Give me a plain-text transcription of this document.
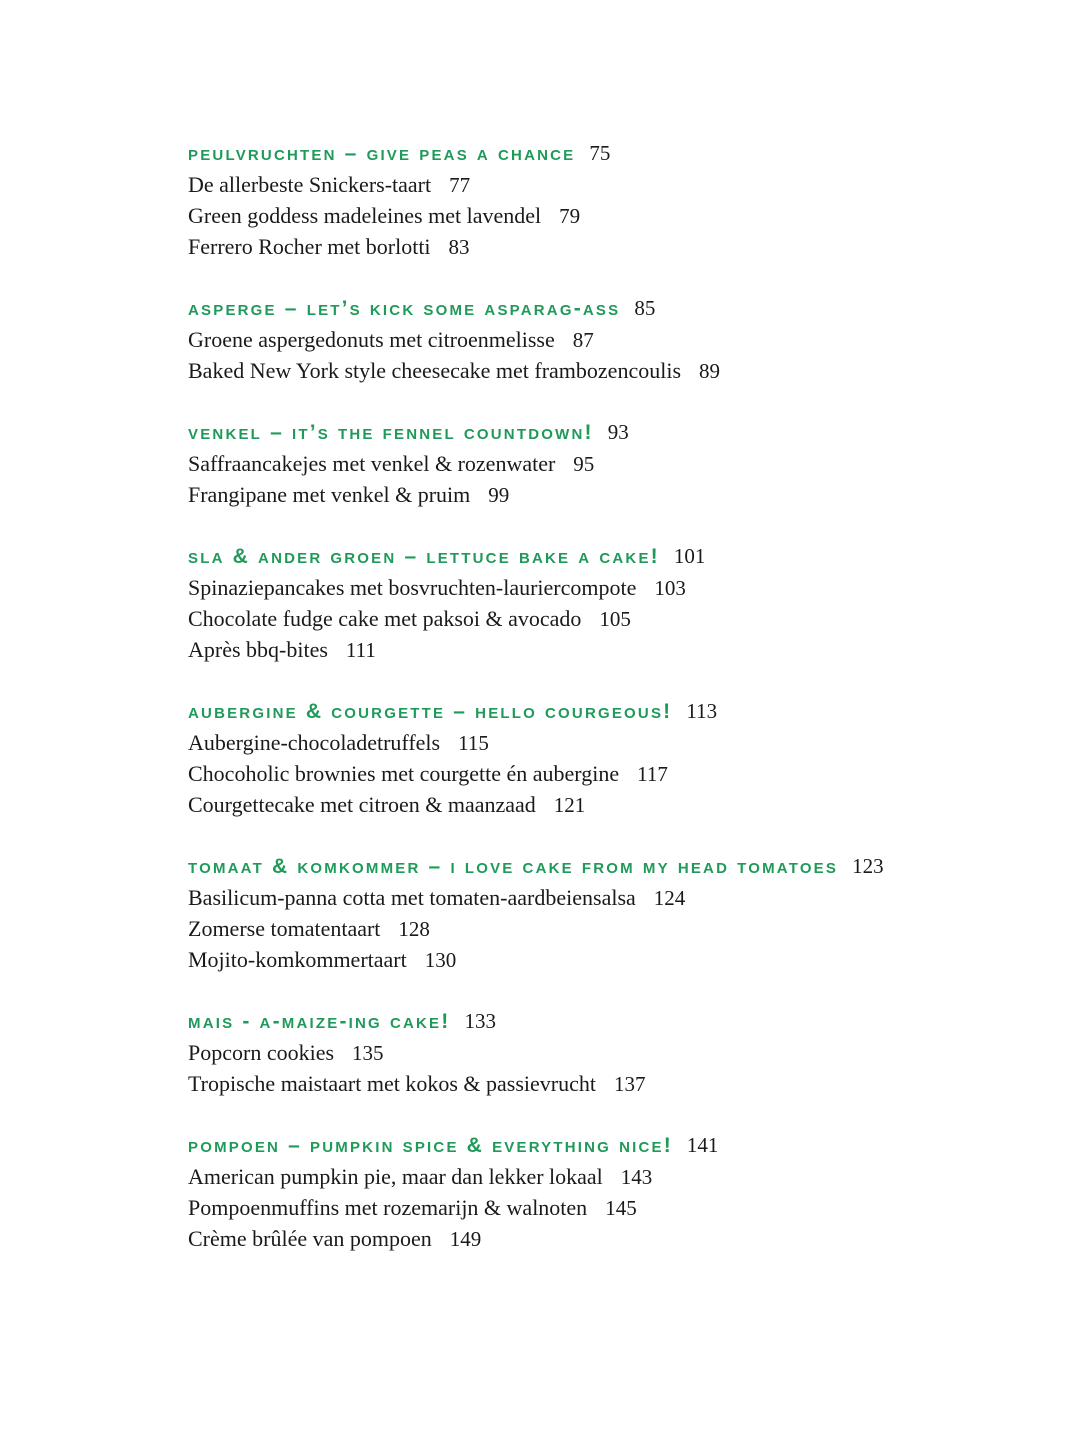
peulvruchten – give peas a chance 75
De allerbeste Snickers-taart 77
Green goddess madeleines met lavendel 79
Ferrero Rocher met borlotti 83
asperge – let’s kick some asparag-ass 85
Groene aspergedonuts met citroenmelisse 87
Baked New York style cheesecake met frambozencoulis 89
venkel – it’s the fennel countdown! 93
Saffraancakejes met venkel & rozenwater 95
Frangipane met venkel & pruim 99
sla & ander groen – lettuce bake a cake! 101
Spinaziepancakes met bosvruchten-lauriercompote 103
Chocolate fudge cake met paksoi & avocado 105
Après bbq-bites 111
aubergine & courgette – hello courgeous! 113
Aubergine-chocoladetruffels 115
Chocoholic brownies met courgette én aubergine 117
Courgettecake met citroen & maanzaad 121
tomaat & komkommer – i love cake from my head tomatoes 123
Basilicum-panna cotta met tomaten-aardbeiensalsa 124
Zomerse tomatentaart 128
Mojito-komkommertaart 130
mais - a-maize-ing cake! 133
Popcorn cookies 135
Tropische maistaart met kokos & passievrucht 137
pompoen – pumpkin spice & everything nice! 141
American pumpkin pie, maar dan lekker lokaal 143
Pompoenmuffins met rozemarijn & walnoten 145
Crème brûlée van pompoen 149
